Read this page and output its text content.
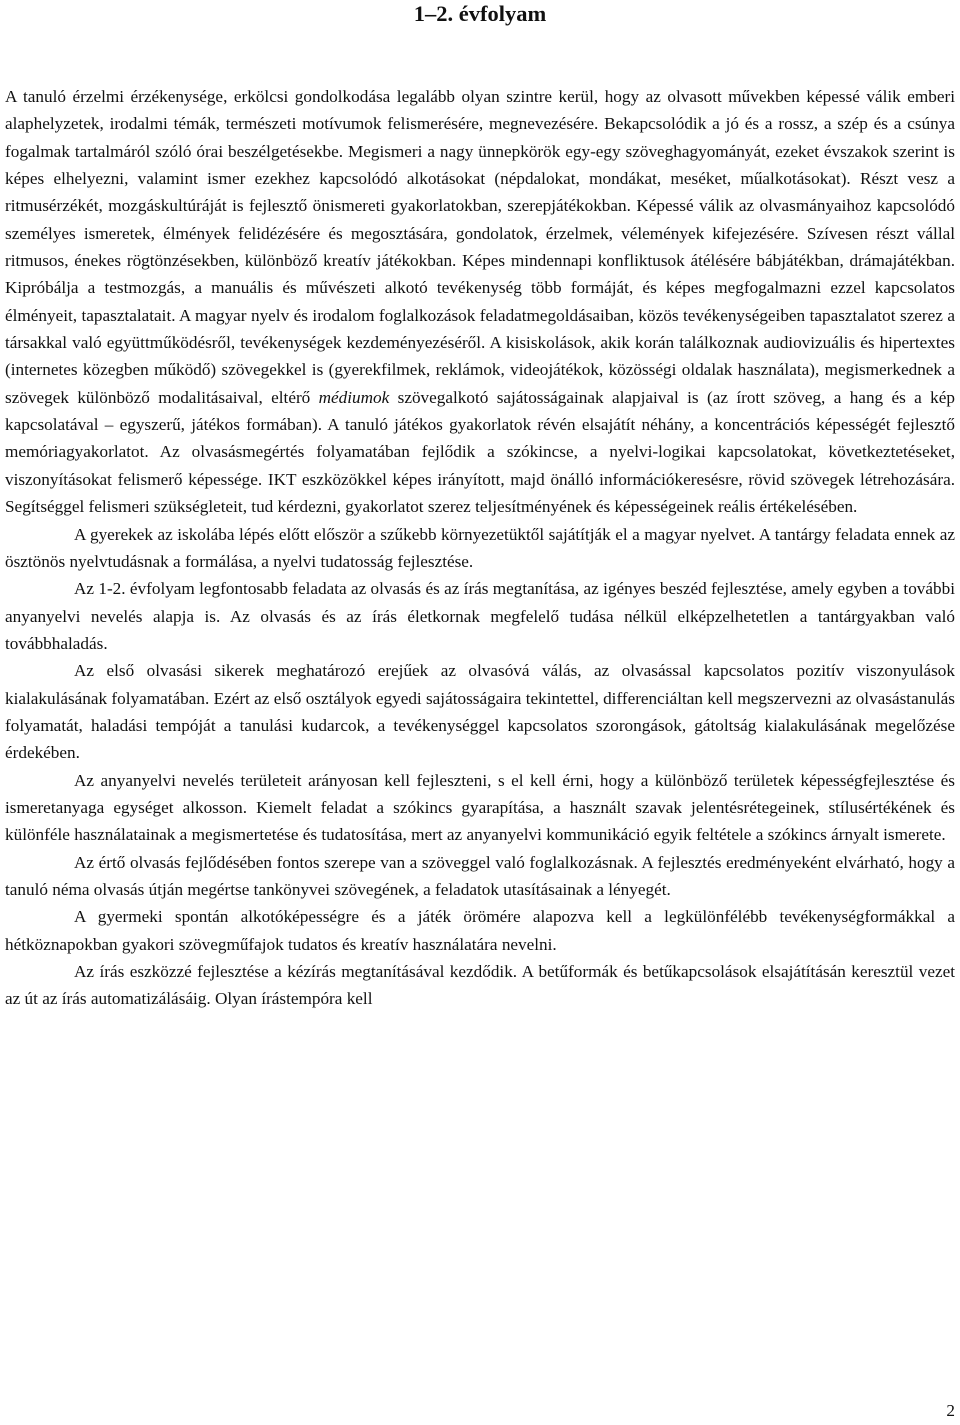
1–2. évfolyam

A tanuló érzelmi érzékenysége, erkölcsi gondolkodása legalább olyan szintre kerül, hogy az olvasott művekben képessé válik emberi alaphelyzetek, irodalmi témák, természeti motívumok felismerésére, megnevezésére. Bekapcsolódik a jó és a rossz, a szép és a csúnya fogalmak tartalmáról szóló órai beszélgetésekbe. Megismeri a nagy ünnepkörök egy-egy szöveghagyományát, ezeket évszakok szerint is képes elhelyezni, valamint ismer ezekhez kapcsolódó alkotásokat (népdalokat, mondákat, meséket, műalkotásokat). Részt vesz a ritmusérzékét, mozgáskultúráját is fejlesztő önismereti gyakorlatokban, szerepjátékokban. Képessé válik az olvasmányaihoz kapcsolódó személyes ismeretek, élmények felidézésére és megosztására, gondolatok, érzelmek, vélemények kifejezésére. Szívesen részt vállal ritmusos, énekes rögtönzésekben, különböző kreatív játékokban. Képes mindennapi konfliktusok átélésére bábjátékban, drámajátékban. Kipróbálja a testmozgás, a manuális és művészeti alkotó tevékenység több formáját, és képes megfogalmazni ezzel kapcsolatos élményeit, tapasztalatait. A magyar nyelv és irodalom foglalkozások feladatmegoldásaiban, közös tevékenységeiben tapasztalatot szerez a társakkal való együttműködésről, tevékenységek kezdeményezéséről. A kisiskolások, akik korán találkoznak audiovizuális és hipertextes (internetes közegben működő) szövegekkel is (gyerekfilmek, reklámok, videojátékok, közösségi oldalak használata), megismerkednek a szövegek különböző modalitásaival, eltérő médiumok szövegalkotó sajátosságainak alapjaival is (az írott szöveg, a hang és a kép kapcsolatával – egyszerű, játékos formában). A tanuló játékos gyakorlatok révén elsajátít néhány, a koncentrációs képességét fejlesztő memóriagyakorlatot. Az olvasásmegértés folyamatában fejlődik a szókincse, a nyelvi-logikai kapcsolatokat, következtetéseket, viszonyításokat felismerő képessége. IKT eszközökkel képes irányított, majd önálló információkeresésre, rövid szövegek létrehozására. Segítséggel felismeri szükségleteit, tud kérdezni, gyakorlatot szerez teljesítményének és képességeinek reális értékelésében.

A gyerekek az iskolába lépés előtt először a szűkebb környezetüktől sajátítják el a magyar nyelvet. A tantárgy feladata ennek az ösztönös nyelvtudásnak a formálása, a nyelvi tudatosság fejlesztése.

Az 1-2. évfolyam legfontosabb feladata az olvasás és az írás megtanítása, az igényes beszéd fejlesztése, amely egyben a további anyanyelvi nevelés alapja is. Az olvasás és az írás életkornak megfelelő tudása nélkül elképzelhetetlen a tantárgyakban való továbbhaladás.

Az első olvasási sikerek meghatározó erejűek az olvasóvá válás, az olvasással kapcsolatos pozitív viszonyulások kialakulásának folyamatában. Ezért az első osztályok egyedi sajátosságaira tekintettel, differenciáltan kell megszervezni az olvasástanulás folyamatát, haladási tempóját a tanulási kudarcok, a tevékenységgel kapcsolatos szorongások, gátoltság kialakulásának megelőzése érdekében.

Az anyanyelvi nevelés területeit arányosan kell fejleszteni, s el kell érni, hogy a különböző területek képességfejlesztése és ismeretanyaga egységet alkosson. Kiemelt feladat a szókincs gyarapítása, a használt szavak jelentésrétegeinek, stílusértékének és különféle használatainak a megismertetése és tudatosítása, mert az anyanyelvi kommunikáció egyik feltétele a szókincs árnyalt ismerete.

Az értő olvasás fejlődésében fontos szerepe van a szöveggel való foglalkozásnak. A fejlesztés eredményeként elvárható, hogy a tanuló néma olvasás útján megértse tankönyvei szövegének, a feladatok utasításainak a lényegét.

A gyermeki spontán alkotóképességre és a játék örömére alapozva kell a legkülönfélébb tevékenységformákkal a hétköznapokban gyakori szövegműfajok tudatos és kreatív használatára nevelni.

Az írás eszközzé fejlesztése a kézírás megtanításával kezdődik. A betűformák és betűkapcsolások elsajátításán keresztül vezet az út az írás automatizálásáig. Olyan írástempóra kell

2
